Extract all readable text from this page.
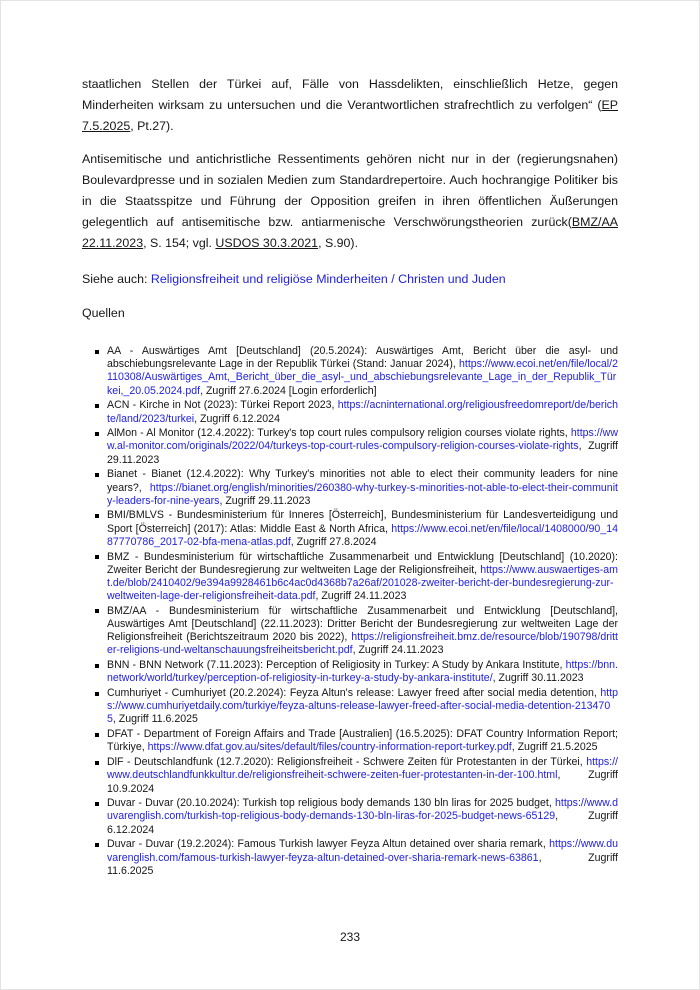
staatlichen Stellen der Türkei auf, Fälle von Hassdelikten, einschließlich Hetze, gegen Minderheiten wirksam zu untersuchen und die Verantwortlichen strafrechtlich zu verfolgen“ (EP 7.5.2025, Pt.27).

Antisemitische und antichristliche Ressentiments gehören nicht nur in der (regierungsnahen) Boulevardpresse und in sozialen Medien zum Standardrepertoire. Auch hochrangige Politiker bis in die Staatsspitze und Führung der Opposition greifen in ihren öffentlichen Äußerungen gelegentlich auf antisemitische bzw. antiarmenische Verschwörungstheorien zurück(BMZ/AA 22.11.2023, S. 154; vgl. USDOS 30.3.2021, S.90).

Siehe auch: Religionsfreiheit und religiöse Minderheiten / Christen und Juden

Quellen

AA - Auswärtiges Amt [Deutschland] (20.5.2024): Auswärtiges Amt, Bericht über die asyl- und abschiebungsrelevante Lage in der Republik Türkei (Stand: Januar 2024), https://www.ecoi.net/en/file/local/2110308/Auswärtiges_Amt,_Bericht_über_die_asyl-_und_abschiebungsrelevante_Lage_in_der_Republik_Türkei,_20.05.2024.pdf, Zugriff 27.6.2024 [Login erforderlich]
ACN - Kirche in Not (2023): Türkei Report 2023, https://acninternational.org/religiousfreedomreport/de/berichte/land/2023/turkei, Zugriff 6.12.2024
AlMon - Al Monitor (12.4.2022): Turkey's top court rules compulsory religion courses violate rights, https://www.al-monitor.com/originals/2022/04/turkeys-top-court-rules-compulsory-religion-courses-violate-rights, Zugriff 29.11.2023
Bianet - Bianet (12.4.2022): Why Turkey's minorities not able to elect their community leaders for nine years?, https://bianet.org/english/minorities/260380-why-turkey-s-minorities-not-able-to-elect-their-community-leaders-for-nine-years, Zugriff 29.11.2023
BMI/BMLVS - Bundesministerium für Inneres [Österreich], Bundesministerium für Landesverteidigung und Sport [Österreich] (2017): Atlas: Middle East & North Africa, https://www.ecoi.net/en/file/local/1408000/90_1487770786_2017-02-bfa-mena-atlas.pdf, Zugriff 27.8.2024
BMZ - Bundesministerium für wirtschaftliche Zusammenarbeit und Entwicklung [Deutschland] (10.2020): Zweiter Bericht der Bundesregierung zur weltweiten Lage der Religionsfreiheit, https://www.auswaertiges-amt.de/blob/2410402/9e394a9928461b6c4ac0d4368b7a26af/201028-zweiter-bericht-der-bundesregierung-zur-weltweiten-lage-der-religionsfreiheit-data.pdf, Zugriff 24.11.2023
BMZ/AA - Bundesministerium für wirtschaftliche Zusammenarbeit und Entwicklung [Deutschland], Auswärtiges Amt [Deutschland] (22.11.2023): Dritter Bericht der Bundesregierung zur weltweiten Lage der Religionsfreiheit (Berichtszeitraum 2020 bis 2022), https://religionsfreiheit.bmz.de/resource/blob/190798/dritter-religions-und-weltanschauungsfreiheitsbericht.pdf, Zugriff 24.11.2023
BNN - BNN Network (7.11.2023): Perception of Religiosity in Turkey: A Study by Ankara Institute, https://bnn.network/world/turkey/perception-of-religiosity-in-turkey-a-study-by-ankara-institute/, Zugriff 30.11.2023
Cumhuriyet - Cumhuriyet (20.2.2024): Feyza Altun's release: Lawyer freed after social media detention, https://www.cumhuriyetdaily.com/turkiye/feyza-altuns-release-lawyer-freed-after-social-media-detention-2134705, Zugriff 11.6.2025
DFAT - Department of Foreign Affairs and Trade [Australien] (16.5.2025): DFAT Country Information Report; Türkiye, https://www.dfat.gov.au/sites/default/files/country-information-report-turkey.pdf, Zugriff 21.5.2025
DlF - Deutschlandfunk (12.7.2020): Religionsfreiheit - Schwere Zeiten für Protestanten in der Türkei, https://www.deutschlandfunkkultur.de/religionsfreiheit-schwere-zeiten-fuer-protestanten-in-der-100.html, Zugriff 10.9.2024
Duvar - Duvar (20.10.2024): Turkish top religious body demands 130 bln liras for 2025 budget, https://www.duvarenglish.com/turkish-top-religious-body-demands-130-bln-liras-for-2025-budget-news-65129, Zugriff 6.12.2024
Duvar - Duvar (19.2.2024): Famous Turkish lawyer Feyza Altun detained over sharia remark, https://www.duvarenglish.com/famous-turkish-lawyer-feyza-altun-detained-over-sharia-remark-news-63861, Zugriff 11.6.2025
233
